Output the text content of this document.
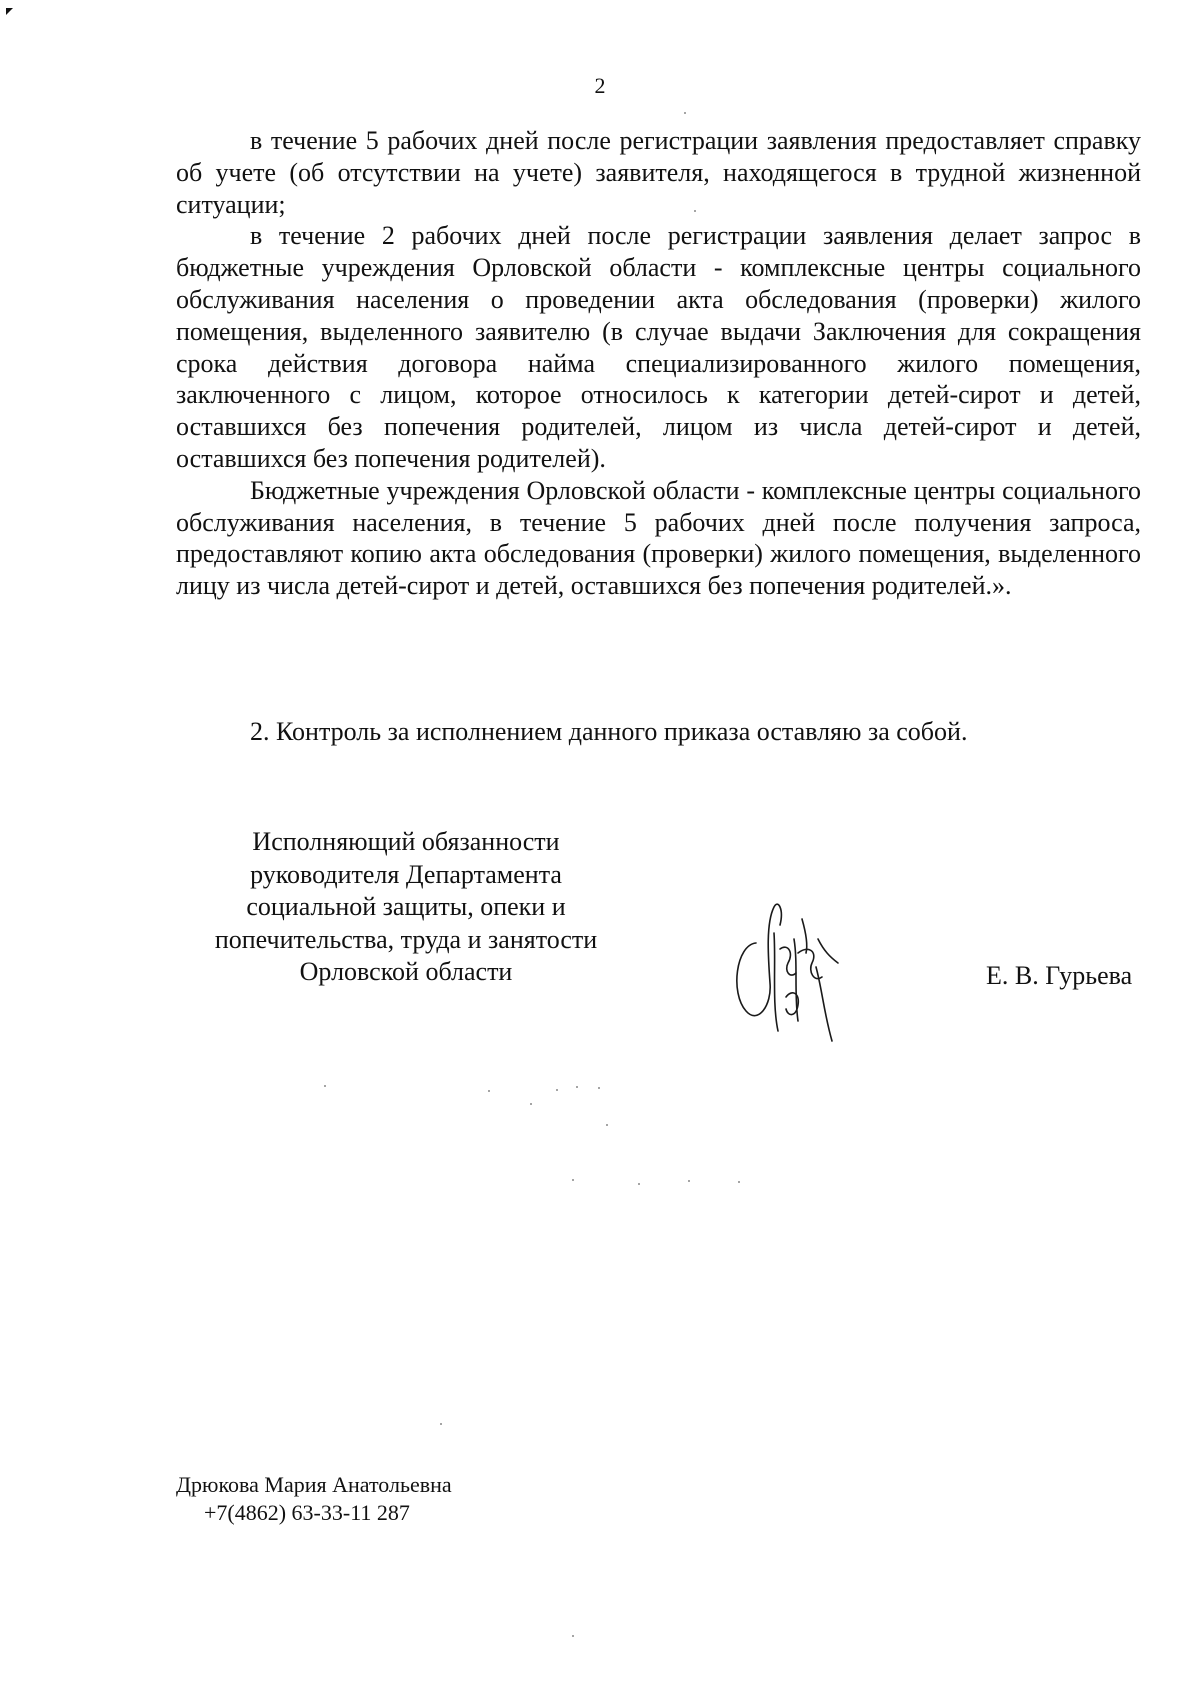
2

в течение 5 рабочих дней после регистрации заявления предоставляет справку об учете (об отсутствии на учете) заявителя, находящегося в трудной жизненной ситуации;

в течение 2 рабочих дней после регистрации заявления делает запрос в бюджетные учреждения Орловской области - комплексные центры социального обслуживания населения о проведении акта обследования (проверки) жилого помещения, выделенного заявителю (в случае выдачи Заключения для сокращения срока действия договора найма специализированного жилого помещения, заключенного с лицом, которое относилось к категории детей-сирот и детей, оставшихся без попечения родителей, лицом из числа детей-сирот и детей, оставшихся без попечения родителей).

Бюджетные учреждения Орловской области - комплексные центры социального обслуживания населения, в течение 5 рабочих дней после получения запроса, предоставляют копию акта обследования (проверки) жилого помещения, выделенного лицу из числа детей-сирот и детей, оставшихся без попечения родителей.».

2. Контроль за исполнением данного приказа оставляю за собой.

Исполняющий обязанности
руководителя Департамента
социальной защиты, опеки и
попечительства, труда и занятости
Орловской области	Е. В. Гурьева
Дрюкова Мария Анатольевна
+7(4862) 63-33-11 287
